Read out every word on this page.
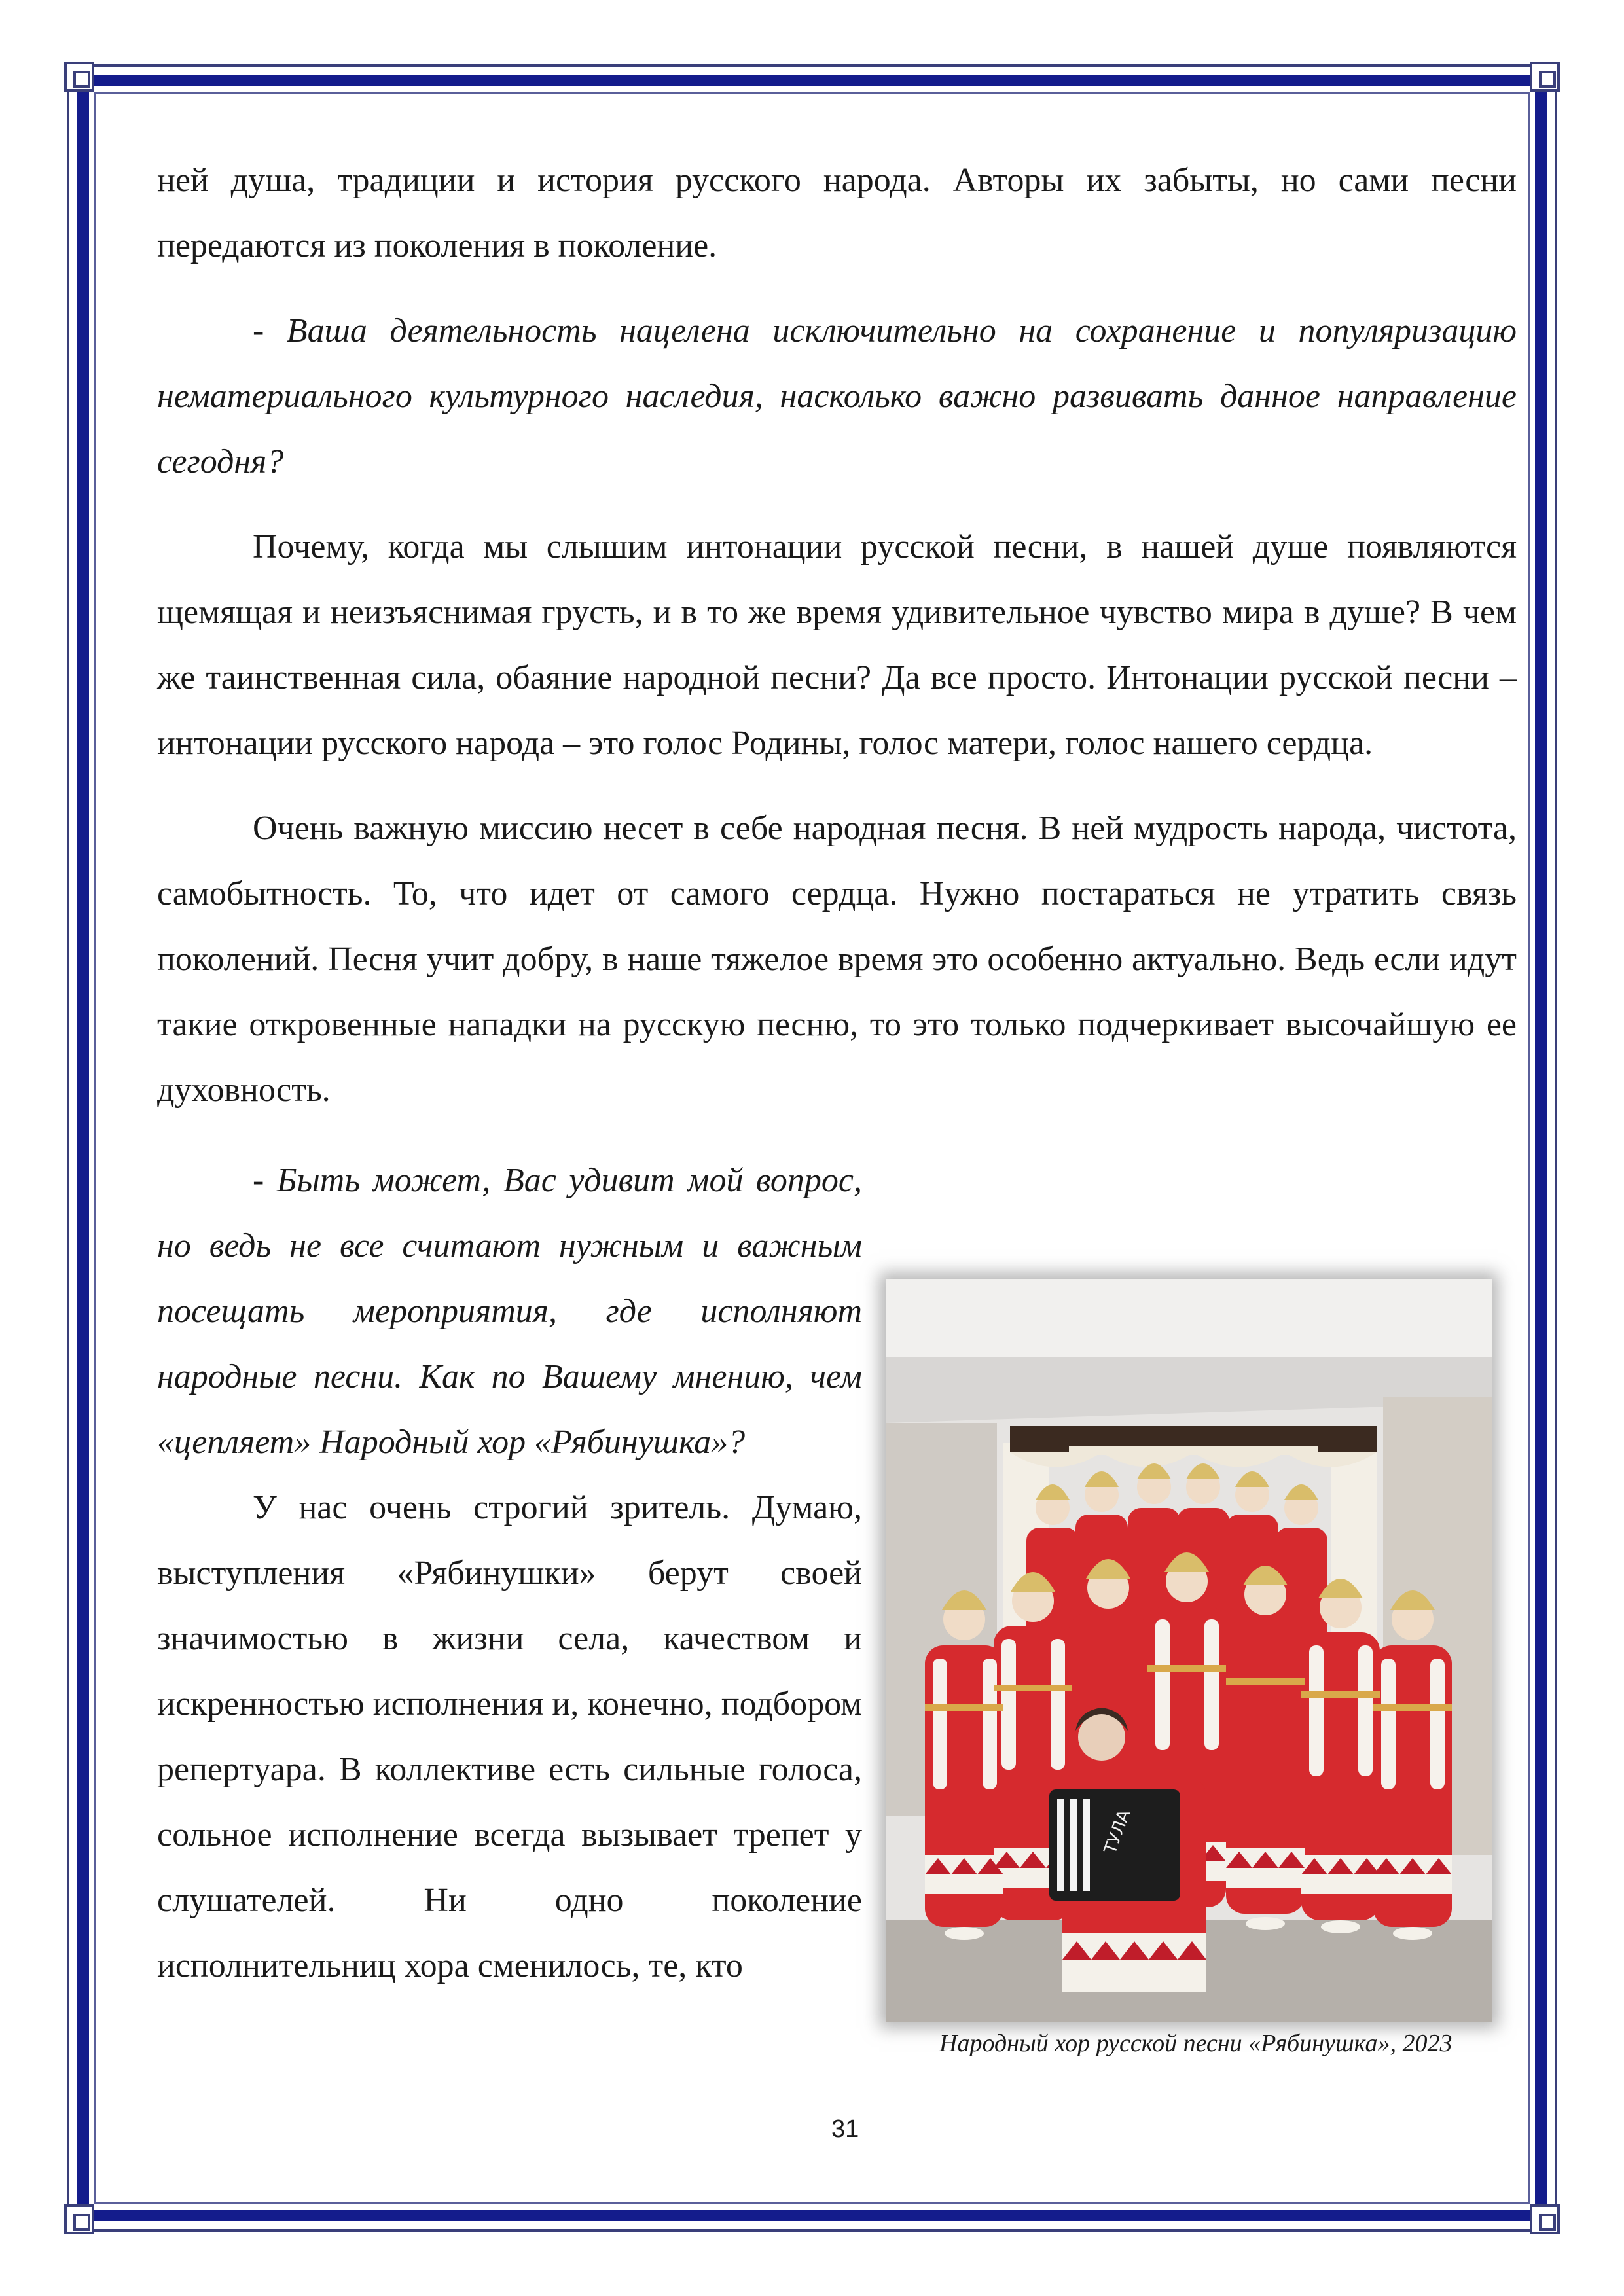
ней душа, традиции и история русского народа. Авторы их забыты, но сами песни передаются из поколения в поколение.

- Ваша деятельность нацелена исключительно на сохранение и популяризацию нематериального культурного наследия, насколько важно развивать данное направление сегодня?

Почему, когда мы слышим интонации русской песни, в нашей душе появляются щемящая и неизъяснимая грусть, и в то же время удивительное чувство мира в душе? В чем же таинственная сила, обаяние народной песни? Да все просто. Интонации русской песни – интонации русского народа – это голос Родины, голос матери, голос нашего сердца.

Очень важную миссию несет в себе народная песня. В ней мудрость народа, чистота, самобытность. То, что идет от самого сердца. Нужно постараться не утратить связь поколений. Песня учит добру, в наше тяжелое время это особенно актуально. Ведь если идут такие откровенные нападки на русскую песню, то это только подчеркивает высочайшую ее духовность.

ТУЛА
Народный хор русской песни «Рябинушка», 2023

- Быть может, Вас удивит мой вопрос, но ведь не все считают нужным и важным посещать мероприятия, где исполняют народные песни. Как по Вашему мнению, чем «цепляет» Народный хор «Рябинушка»?

У нас очень строгий зритель. Думаю, выступления «Рябинушки» берут своей значимостью в жизни села, качеством и искренностью исполнения и, конечно, подбором репертуара. В коллективе есть сильные голоса, сольное исполнение всегда вызывает трепет у слушателей. Ни одно поколение исполнительниц хора сменилось, те, кто

31
